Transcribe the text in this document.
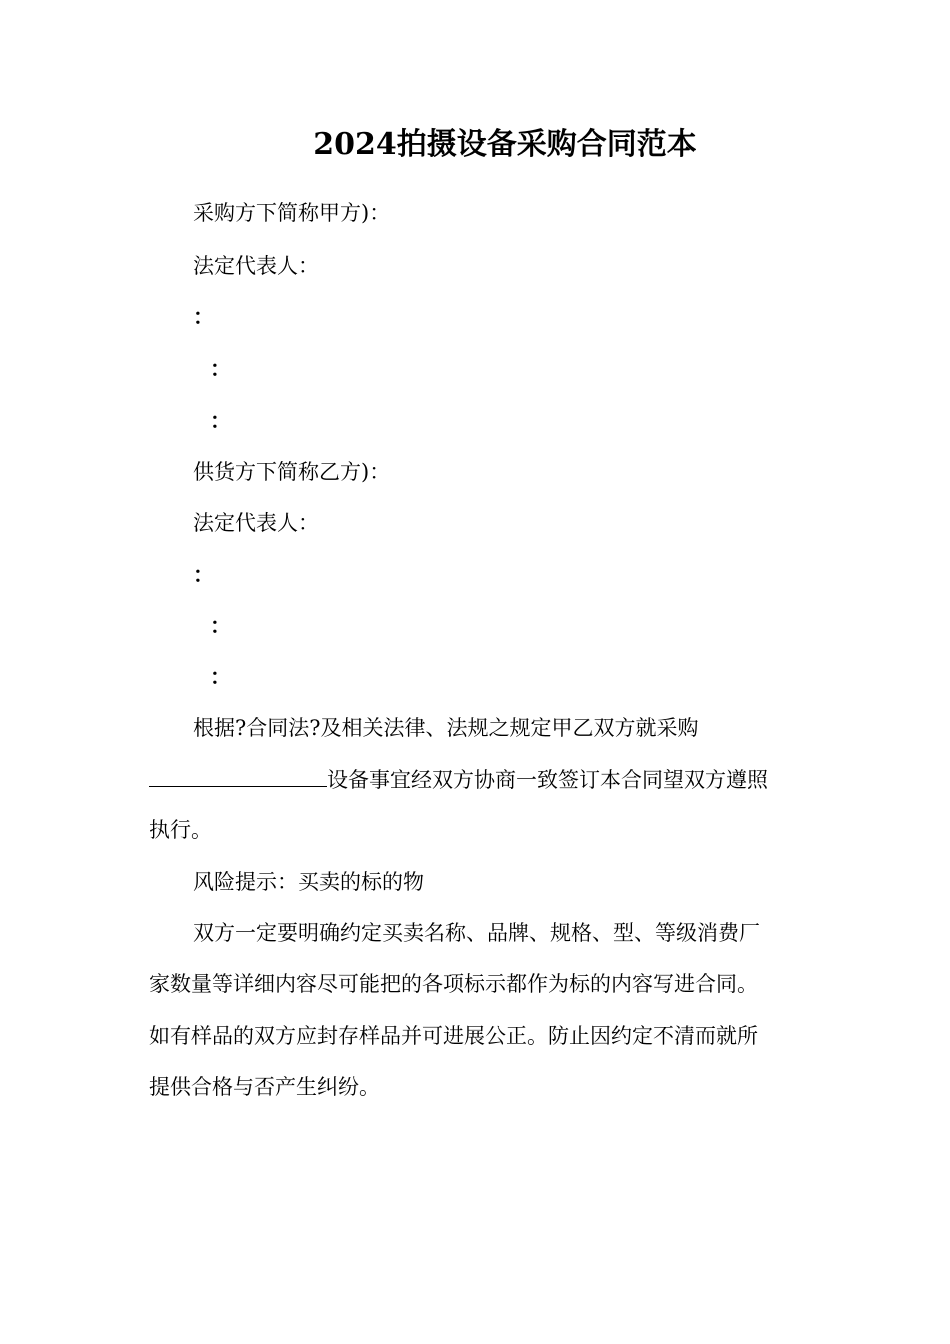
2024拍摄设备采购合同范本
采购方下简称甲方)：
法定代表人：
：
：
：
供货方下简称乙方)：
法定代表人：
：
：
：
根据?合同法?及相关法律、法规之规定甲乙双方就采购
设备事宜经双方协商一致签订本合同望双方遵照
执行。
风险提示：买卖的标的物
双方一定要明确约定买卖名称、品牌、规格、型、等级消费厂
家数量等详细内容尽可能把的各项标示都作为标的内容写进合同。
如有样品的双方应封存样品并可进展公正。防止因约定不清而就所
提供合格与否产生纠纷。
